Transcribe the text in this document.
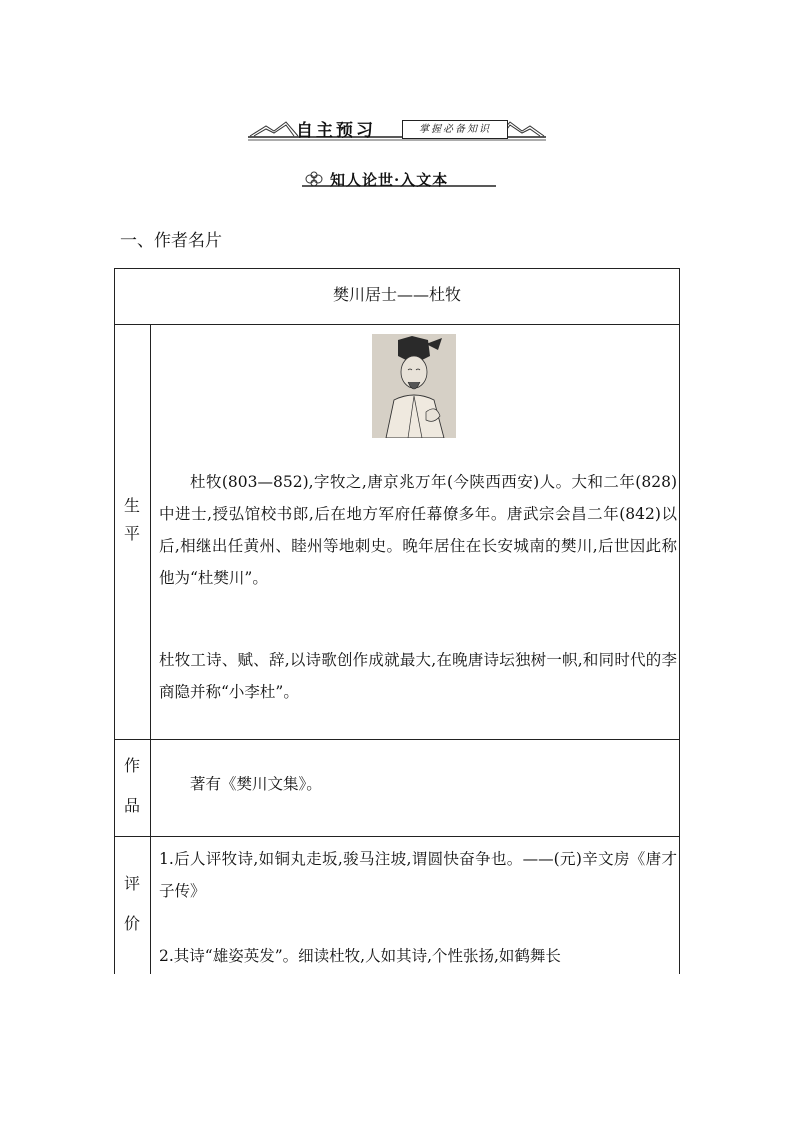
自主预习	掌握必备知识
知人论世·入文本
一、作者名片
樊川居士——杜牧
生
平
作
品
评
价

杜牧(803—852),字牧之,唐京兆万年(今陕西西安)人。大和二年(828)中进士,授弘馆校书郎,后在地方军府任幕僚多年。唐武宗会昌二年(842)以后,相继出任黄州、睦州等地刺史。晚年居住在长安城南的樊川,后世因此称他为“杜樊川”。

杜牧工诗、赋、辞,以诗歌创作成就最大,在晚唐诗坛独树一帜,和同时代的李商隐并称“小李杜”。

著有《樊川文集》。

1.后人评牧诗,如铜丸走坂,骏马注坡,谓圆快奋争也。——(元)辛文房《唐才子传》

2.其诗“雄姿英发”。细读杜牧,人如其诗,个性张扬,如鹤舞长
